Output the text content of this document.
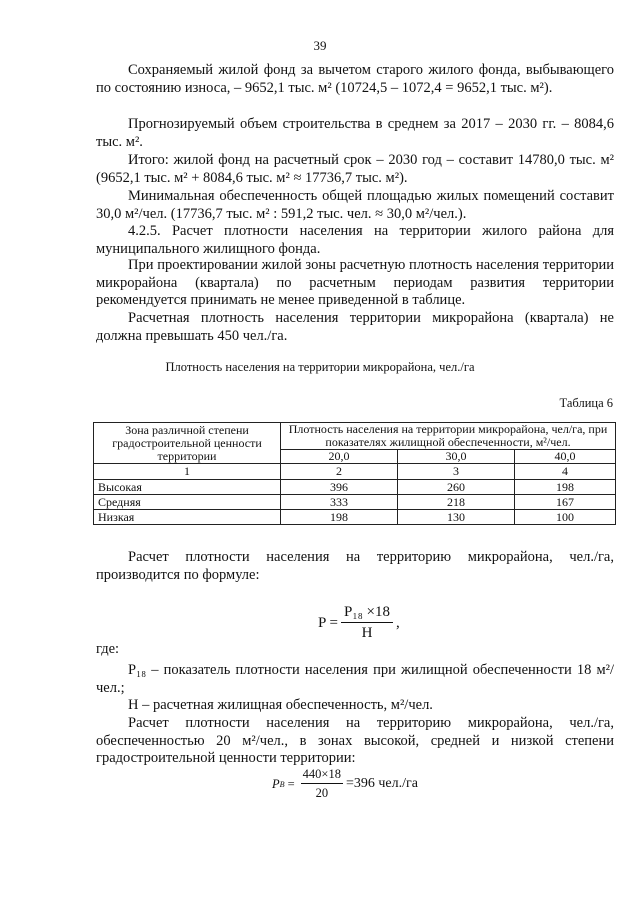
39

Сохраняемый жилой фонд за вычетом старого жилого фонда, выбывающего по состоянию износа, – 9652,1 тыс. м² (10724,5 – 1072,4 = 9652,1 тыс. м²).

Прогнозируемый объем строительства в среднем за 2017 – 2030 гг. – 8084,6 тыс. м².

Итого: жилой фонд на расчетный срок – 2030 год – составит 14780,0 тыс. м² (9652,1 тыс. м² + 8084,6 тыс. м² ≈ 17736,7 тыс. м²).

Минимальная обеспеченность общей площадью жилых помещений составит 30,0 м²/чел. (17736,7 тыс. м² : 591,2 тыс. чел. ≈ 30,0 м²/чел.).

4.2.5. Расчет плотности населения на территории жилого района для муниципального жилищного фонда.

При проектировании жилой зоны расчетную плотность населения территории микрорайона (квартала) по расчетным периодам развития территории рекомендуется принимать не менее приведенной в таблице.

Расчетная плотность населения территории микрорайона (квартала) не должна превышать 450 чел./га.

Плотность населения на территории микрорайона, чел./га
Таблица 6
Зона различной степени градостроительной ценности территории	Плотность населения на территории микрорайона, чел/га, при показателях жилищной обеспеченности, м²/чел.		
	20,0	30,0	40,0
1	2	3	4
Высокая	396	260	198
Средняя	333	218	167
Низкая	198	130	100

Расчет плотности населения на территорию микрорайона, чел./га, производится по формуле:

$P = \frac{\text{P₁₈ ×18}}{H}$ ,

где:

P₁₈ – показатель плотности населения при жилищной обеспеченности 18 м²/чел.;

H – расчетная жилищная обеспеченность, м²/чел.

Расчет плотности населения на территорию микрорайона, чел./га, обеспеченностью 20 м²/чел., в зонах высокой, средней и низкой степени градостроительной ценности территории:

P $B = \frac{440\times 18}{20} =396$ чел./га
